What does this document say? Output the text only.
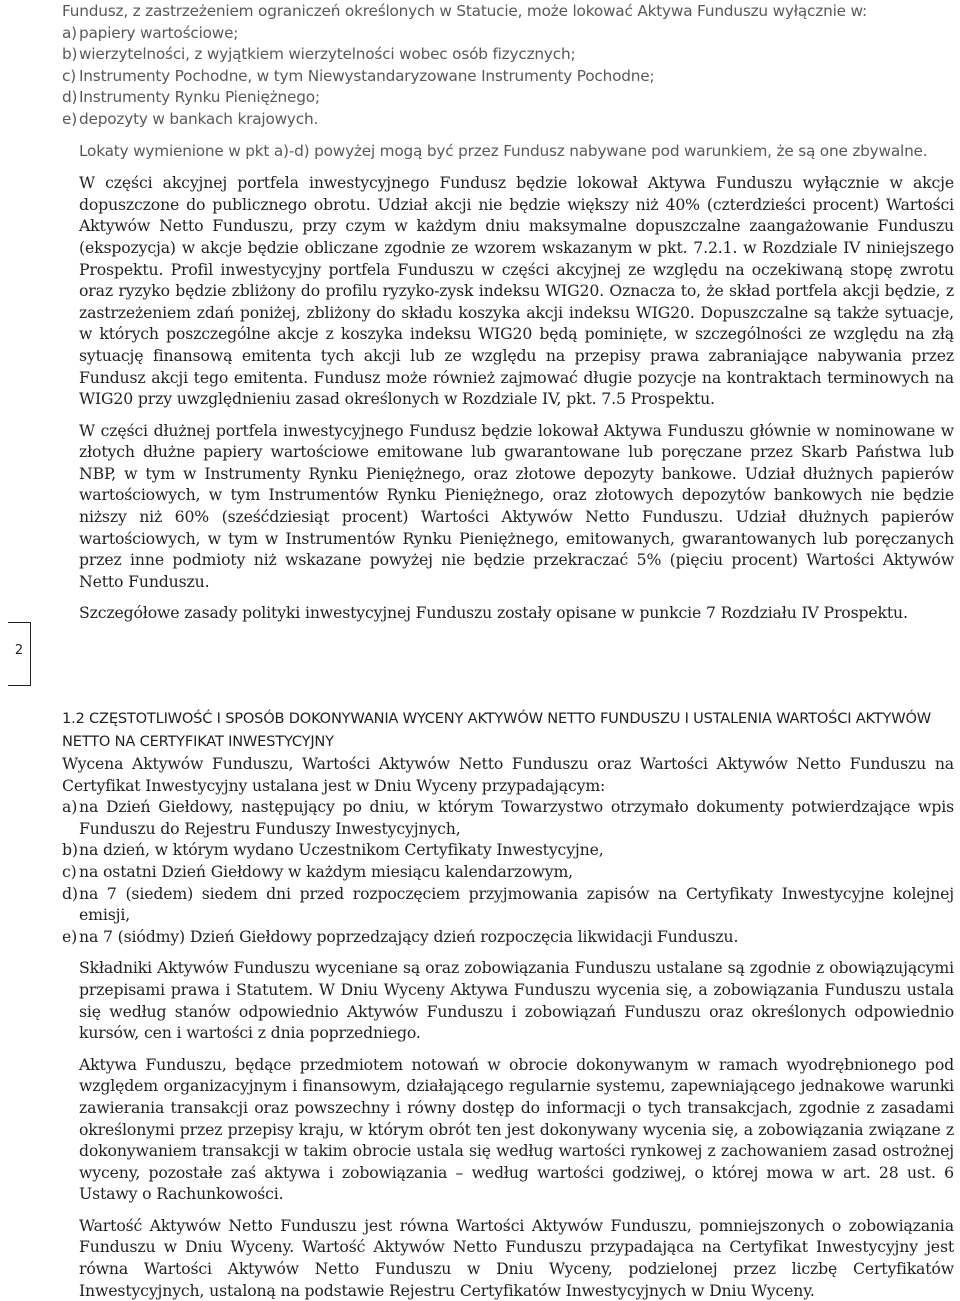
Fundusz, z zastrzeżeniem ograniczeń określonych w Statucie, może lokować Aktywa Funduszu wyłącznie w:

a) papiery wartościowe;
b) wierzytelności, z wyjątkiem wierzytelności wobec osób fizycznych;
c) Instrumenty Pochodne, w tym Niewystandaryzowane Instrumenty Pochodne;
d) Instrumenty Rynku Pieniężnego;
e) depozyty w bankach krajowych.

Lokaty wymienione w pkt a)-d) powyżej mogą być przez Fundusz nabywane pod warunkiem, że są one zbywalne.

W części akcyjnej portfela inwestycyjnego Fundusz będzie lokował Aktywa Funduszu wyłącznie w akcje dopuszczone do publicznego obrotu. Udział akcji nie będzie większy niż 40% (czterdzieści procent) Wartości Aktywów Netto Funduszu, przy czym w każdym dniu maksymalne dopuszczalne zaangażowanie Funduszu (ekspozycja) w akcje będzie obliczane zgodnie ze wzorem wskazanym w pkt. 7.2.1. w Rozdziale IV niniejszego Prospektu. Profil inwestycyjny portfela Funduszu w części akcyjnej ze względu na oczekiwaną stopę zwrotu oraz ryzyko będzie zbliżony do profilu ryzyko-zysk indeksu WIG20. Oznacza to, że skład portfela akcji będzie, z zastrzeżeniem zdań poniżej, zbliżony do składu koszyka akcji indeksu WIG20. Dopuszczalne są także sytuacje, w których poszczególne akcje z koszyka indeksu WIG20 będą pominięte, w szczególności ze względu na złą sytuację finansową emitenta tych akcji lub ze względu na przepisy prawa zabraniające nabywania przez Fundusz akcji tego emitenta. Fundusz może również zajmować długie pozycje na kontraktach terminowych na WIG20 przy uwzględnieniu zasad określonych w Rozdziale IV, pkt. 7.5 Prospektu.

W części dłużnej portfela inwestycyjnego Fundusz będzie lokował Aktywa Funduszu głównie w nominowane w złotych dłużne papiery wartościowe emitowane lub gwarantowane lub poręczane przez Skarb Państwa lub NBP, w tym w Instrumenty Rynku Pieniężnego, oraz złotowe depozyty bankowe. Udział dłużnych papierów wartościowych, w tym Instrumentów Rynku Pieniężnego, oraz złotowych depozytów bankowych nie będzie niższy niż 60% (sześćdziesiąt procent) Wartości Aktywów Netto Funduszu. Udział dłużnych papierów wartościowych, w tym w Instrumentów Rynku Pieniężnego, emitowanych, gwarantowanych lub poręczanych przez inne podmioty niż wskazane powyżej nie będzie przekraczać 5% (pięciu procent) Wartości Aktywów Netto Funduszu.

Szczegółowe zasady polityki inwestycyjnej Funduszu zostały opisane w punkcie 7 Rozdziału IV Prospektu.

2
1.2 CZĘSTOTLIWOŚĆ I SPOSÓB DOKONYWANIA WYCENY AKTYWÓW NETTO FUNDUSZU I USTALENIA WARTOŚCI AKTYWÓW NETTO NA CERTYFIKAT INWESTYCYJNY

Wycena Aktywów Funduszu, Wartości Aktywów Netto Funduszu oraz Wartości Aktywów Netto Funduszu na Certyfikat Inwestycyjny ustalana jest w Dniu Wyceny przypadającym:

a) na Dzień Giełdowy, następujący po dniu, w którym Towarzystwo otrzymało dokumenty potwierdzające wpis Funduszu do Rejestru Funduszy Inwestycyjnych,
b) na dzień, w którym wydano Uczestnikom Certyfikaty Inwestycyjne,
c) na ostatni Dzień Giełdowy w każdym miesiącu kalendarzowym,
d) na 7 (siedem) siedem dni przed rozpoczęciem przyjmowania zapisów na Certyfikaty Inwestycyjne kolejnej emisji,
e) na 7 (siódmy) Dzień Giełdowy poprzedzający dzień rozpoczęcia likwidacji Funduszu.

Składniki Aktywów Funduszu wyceniane są oraz zobowiązania Funduszu ustalane są zgodnie z obowiązującymi przepisami prawa i Statutem. W Dniu Wyceny Aktywa Funduszu wycenia się, a zobowiązania Funduszu ustala się według stanów odpowiednio Aktywów Funduszu i zobowiązań Funduszu oraz określonych odpowiednio kursów, cen i wartości z dnia poprzedniego.

Aktywa Funduszu, będące przedmiotem notowań w obrocie dokonywanym w ramach wyodrębnionego pod względem organizacyjnym i finansowym, działającego regularnie systemu, zapewniającego jednakowe warunki zawierania transakcji oraz powszechny i równy dostęp do informacji o tych transakcjach, zgodnie z zasadami określonymi przez przepisy kraju, w którym obrót ten jest dokonywany wycenia się, a zobowiązania związane z dokonywaniem transakcji w takim obrocie ustala się według wartości rynkowej z zachowaniem zasad ostrożnej wyceny, pozostałe zaś aktywa i zobowiązania – według wartości godziwej, o której mowa w art. 28 ust. 6 Ustawy o Rachunkowości.

Wartość Aktywów Netto Funduszu jest równa Wartości Aktywów Funduszu, pomniejszonych o zobowiązania Funduszu w Dniu Wyceny. Wartość Aktywów Netto Funduszu przypadająca na Certyfikat Inwestycyjny jest równa Wartości Aktywów Netto Funduszu w Dniu Wyceny, podzielonej przez liczbę Certyfikatów Inwestycyjnych, ustaloną na podstawie Rejestru Certyfikatów Inwestycyjnych w Dniu Wyceny.
